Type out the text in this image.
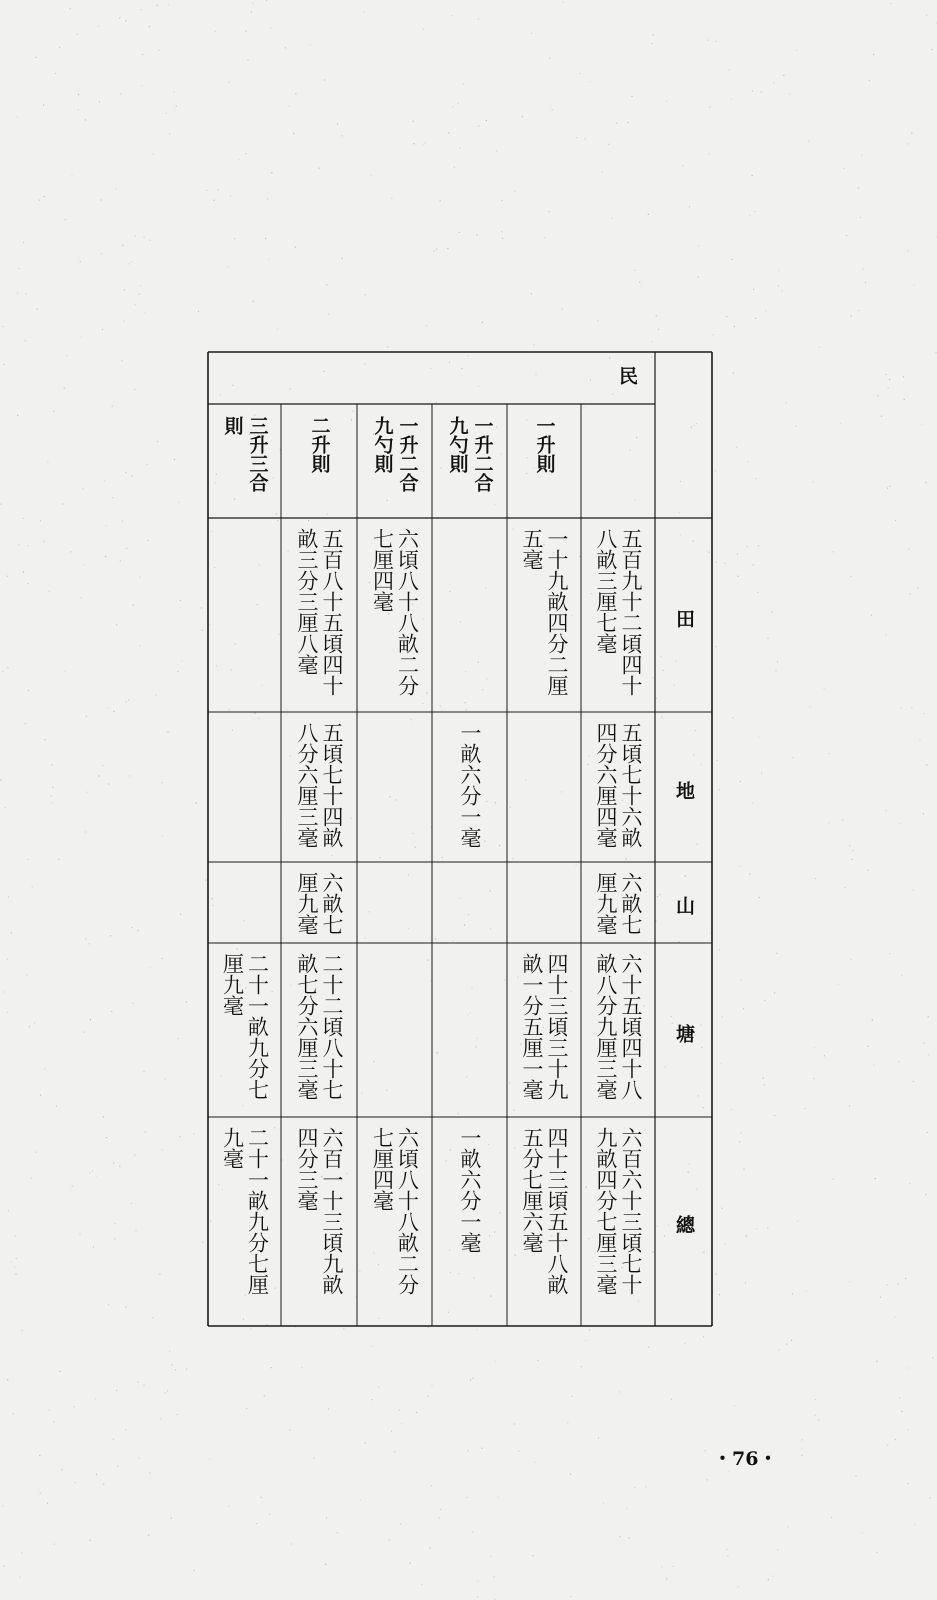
民
田
地
山
塘
總
五百九十二頃四十
八畝三厘七毫
五頃七十六畝
四分六厘四毫
六畝七
厘九毫
六十五頃四十八
畝八分九厘三毫
六百六十三頃七十
九畝四分七厘三毫
一升則
一十九畝四分二厘
五毫
四十三頃三十九
畝一分五厘一毫
四十三頃五十八畝
五分七厘六毫
一升二合
九勺則
一畝六分一毫
一畝六分一毫
一升二合
九勺則
六頃八十八畝二分
七厘四毫
六頃八十八畝二分
七厘四毫
二升則
五百八十五頃四十
畝三分三厘八毫
五頃七十四畝
八分六厘三毫
六畝七
厘九毫
二十二頃八十七
畝七分六厘三毫
六百一十三頃九畝
四分三毫
三升三合
則
二十一畝九分七
厘九毫
二十一畝九分七厘
九毫
・76・
